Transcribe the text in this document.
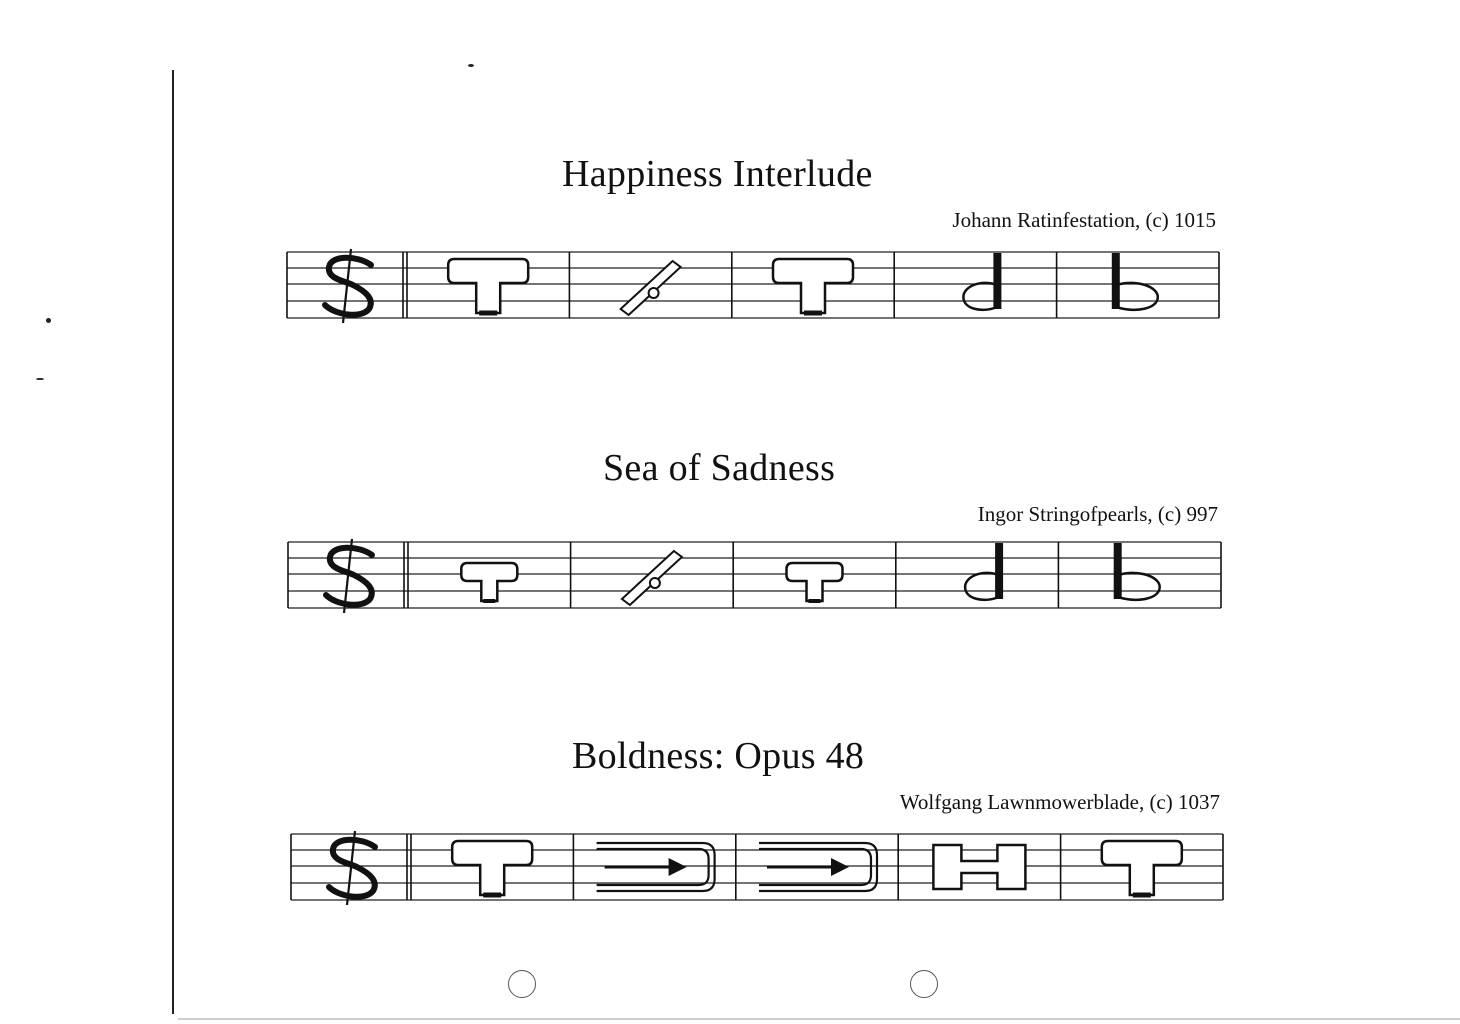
Happiness Interlude
Johann Ratinfestation, (c) 1015
Sea of Sadness
Ingor Stringofpearls, (c) 997
Boldness: Opus 48
Wolfgang Lawnmowerblade, (c) 1037
